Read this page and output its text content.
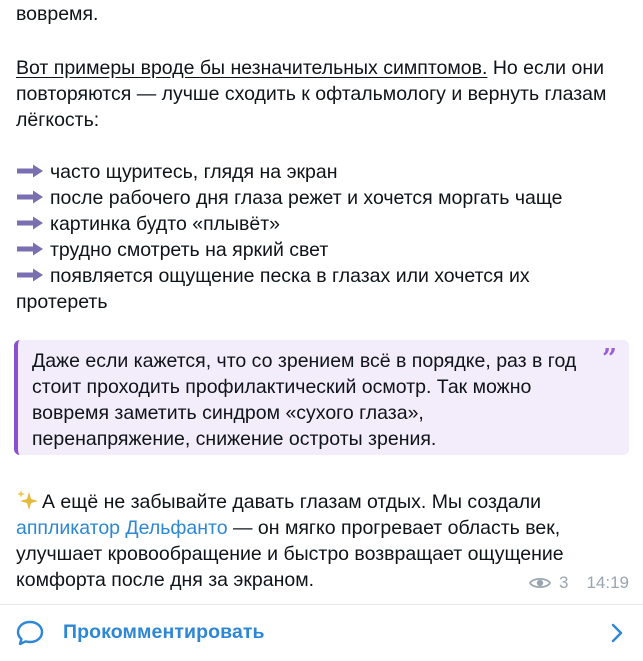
вовремя.
Вот примеры вроде бы незначительных симптомов. Но если они
повторяются — лучше сходить к офтальмологу и вернуть глазам
лёгкость:
часто щуритесь, глядя на экран
после рабочего дня глаза режет и хочется моргать чаще
картинка будто «плывёт»
трудно смотреть на яркий свет
появляется ощущение песка в глазах или хочется их
протереть
Даже если кажется, что со зрением всё в порядке, раз в год
стоит проходить профилактический осмотр. Так можно
вовремя заметить синдром «сухого глаза»,
перенапряжение, снижение остроты зрения.
”
А ещё не забывайте давать глазам отдых. Мы создали
аппликатор Дельфанто — он мягко прогревает область век,
улучшает кровообращение и быстро возвращает ощущение
комфорта после дня за экраном.	3 14:19
Прокомментировать
